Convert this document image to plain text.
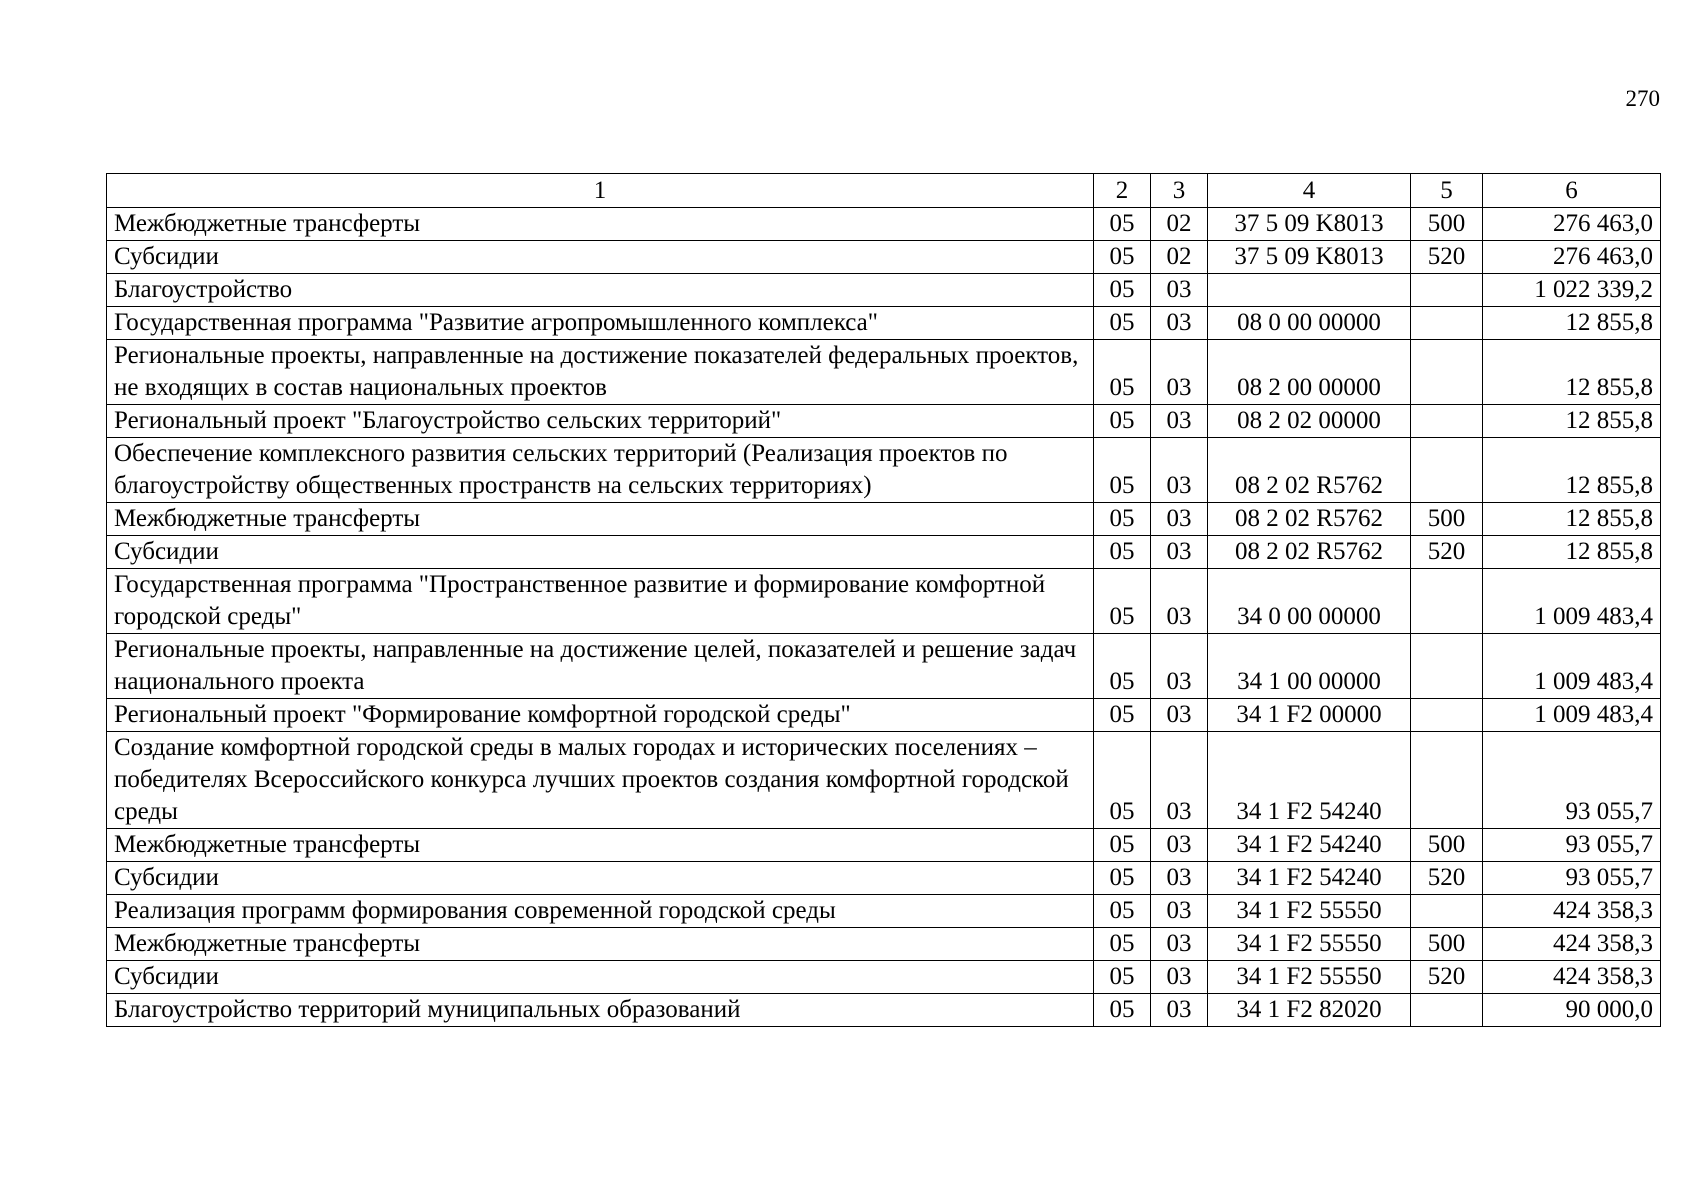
270
1	2	3	4	5	6
Межбюджетные трансферты	05	02	37 5 09 K8013	500	276 463,0
Субсидии	05	02	37 5 09 K8013	520	276 463,0
Благоустройство	05	03			1 022 339,2
Государственная программа "Развитие агропромышленного комплекса"	05	03	08 0 00 00000		12 855,8
Региональные проекты, направленные на достижение показателей федеральных проектов, не входящих в состав национальных проектов	05	03	08 2 00 00000		12 855,8
Региональный проект "Благоустройство сельских территорий"	05	03	08 2 02 00000		12 855,8
Обеспечение комплексного развития сельских территорий (Реализация проектов по благоустройству общественных пространств на сельских территориях)	05	03	08 2 02 R5762		12 855,8
Межбюджетные трансферты	05	03	08 2 02 R5762	500	12 855,8
Субсидии	05	03	08 2 02 R5762	520	12 855,8
Государственная программа "Пространственное развитие и формирование комфортной городской среды"	05	03	34 0 00 00000		1 009 483,4
Региональные проекты, направленные на достижение целей, показателей и решение задач национального проекта	05	03	34 1 00 00000		1 009 483,4
Региональный проект "Формирование комфортной городской среды"	05	03	34 1 F2 00000		1 009 483,4
Создание комфортной городской среды в малых городах и исторических поселениях – победителях Всероссийского конкурса лучших проектов создания комфортной городской среды	05	03	34 1 F2 54240		93 055,7
Межбюджетные трансферты	05	03	34 1 F2 54240	500	93 055,7
Субсидии	05	03	34 1 F2 54240	520	93 055,7
Реализация программ формирования современной городской среды	05	03	34 1 F2 55550		424 358,3
Межбюджетные трансферты	05	03	34 1 F2 55550	500	424 358,3
Субсидии	05	03	34 1 F2 55550	520	424 358,3
Благоустройство территорий муниципальных образований	05	03	34 1 F2 82020		90 000,0
